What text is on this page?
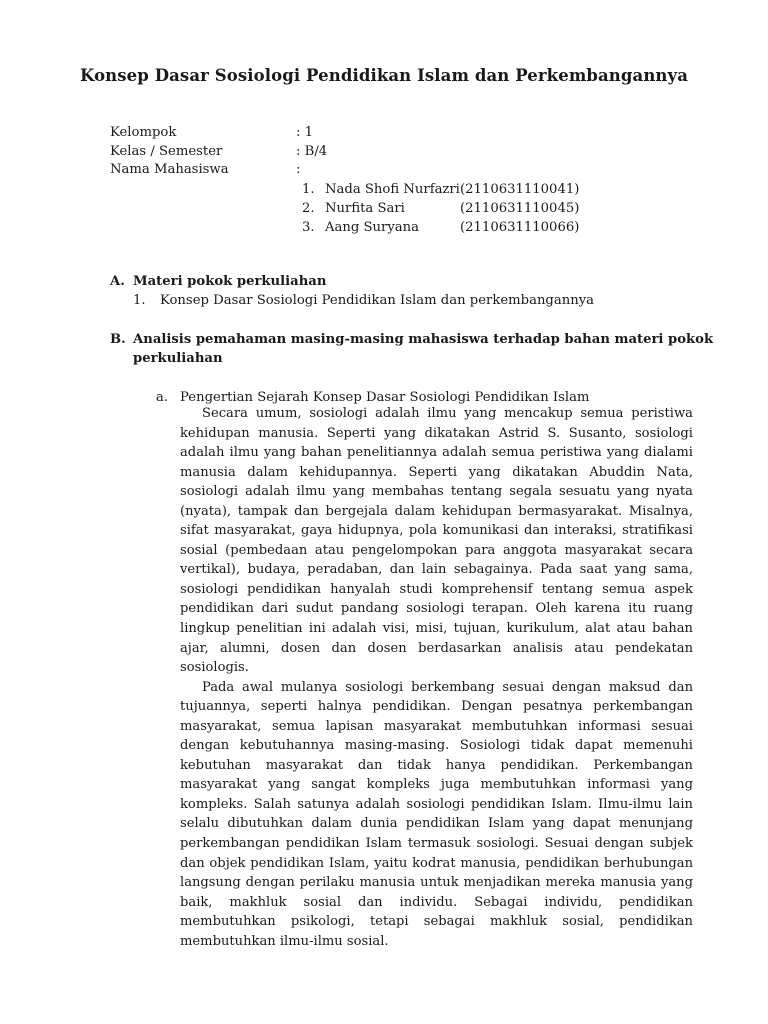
Konsep Dasar Sosiologi Pendidikan Islam dan Perkembangannya
Kelompok	: 1
Kelas / Semester	: B/4
Nama Mahasiswa	:
1. Nada Shofi Nurfazri (2110631110041)
2. Nurfita Sari	(2110631110045)
3. Aang Suryana	(2110631110066)
A. Materi pokok perkuliahan
1. Konsep Dasar Sosiologi Pendidikan Islam dan perkembangannya
B. Analisis pemahaman masing-masing mahasiswa terhadap bahan materi pokok
perkuliahan
a. Pengertian Sejarah Konsep Dasar Sosiologi Pendidikan Islam

Secara umum, sosiologi adalah ilmu yang mencakup semua peristiwa kehidupan manusia. Seperti yang dikatakan Astrid S. Susanto, sosiologi adalah ilmu yang bahan penelitiannya adalah semua peristiwa yang dialami manusia dalam kehidupannya. Seperti yang dikatakan Abuddin Nata, sosiologi adalah ilmu yang membahas tentang segala sesuatu yang nyata (nyata), tampak dan bergejala dalam kehidupan bermasyarakat. Misalnya, sifat masyarakat, gaya hidupnya, pola komunikasi dan interaksi, stratifikasi sosial (pembedaan atau pengelompokan para anggota masyarakat secara vertikal), budaya, peradaban, dan lain sebagainya. Pada saat yang sama, sosiologi pendidikan hanyalah studi komprehensif tentang semua aspek pendidikan dari sudut pandang sosiologi terapan. Oleh karena itu ruang lingkup penelitian ini adalah visi, misi, tujuan, kurikulum, alat atau bahan ajar, alumni, dosen dan dosen berdasarkan analisis atau pendekatan sosiologis.

Pada awal mulanya sosiologi berkembang sesuai dengan maksud dan tujuannya, seperti halnya pendidikan. Dengan pesatnya perkembangan masyarakat, semua lapisan masyarakat membutuhkan informasi sesuai dengan kebutuhannya masing-masing. Sosiologi tidak dapat memenuhi kebutuhan masyarakat dan tidak hanya pendidikan. Perkembangan masyarakat yang sangat kompleks juga membutuhkan informasi yang kompleks. Salah satunya adalah sosiologi pendidikan Islam. Ilmu-ilmu lain selalu dibutuhkan dalam dunia pendidikan Islam yang dapat menunjang perkembangan pendidikan Islam termasuk sosiologi. Sesuai dengan subjek dan objek pendidikan Islam, yaitu kodrat manusia, pendidikan berhubungan langsung dengan perilaku manusia untuk menjadikan mereka manusia yang baik, makhluk sosial dan individu. Sebagai individu, pendidikan membutuhkan psikologi, tetapi sebagai makhluk sosial, pendidikan membutuhkan ilmu-ilmu sosial.
